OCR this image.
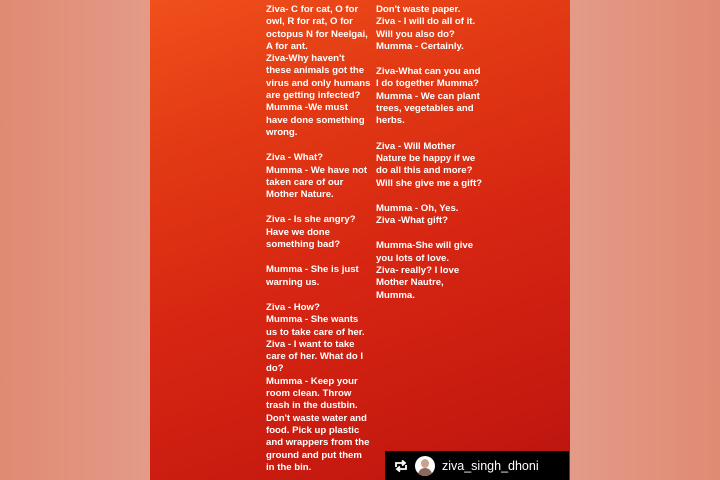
Ziva- C for cat, O for
owl, R for rat, O for
octopus N for Neelgai,
A for ant.
Ziva-Why haven't
these animals got the
virus and only humans
are getting infected?
Mumma -We must
have done something
wrong.
Ziva - What?
Mumma - We have not
taken care of our
Mother Nature.
Ziva - Is she angry?
Have we done
something bad?
Mumma - She is just
warning us.
Ziva - How?
Mumma - She wants
us to take care of her.
Ziva - I want to take
care of her. What do I
do?
Mumma - Keep your
room clean. Throw
trash in the dustbin.
Don't waste water and
food. Pick up plastic
and wrappers from the
ground and put them
in the bin.
Don't waste paper.
Ziva - I will do all of it.
Will you also do?
Mumma - Certainly.
Ziva-What can you and
I do together Mumma?
Mumma - We can plant
trees, vegetables and
herbs.
Ziva - Will Mother
Nature be happy if we
do all this and more?
Will she give me a gift?
Mumma - Oh, Yes.
Ziva -What gift?
Mumma-She will give
you lots of love.
Ziva- really? I love
Mother Nautre,
Mumma.
ziva_singh_dhoni
